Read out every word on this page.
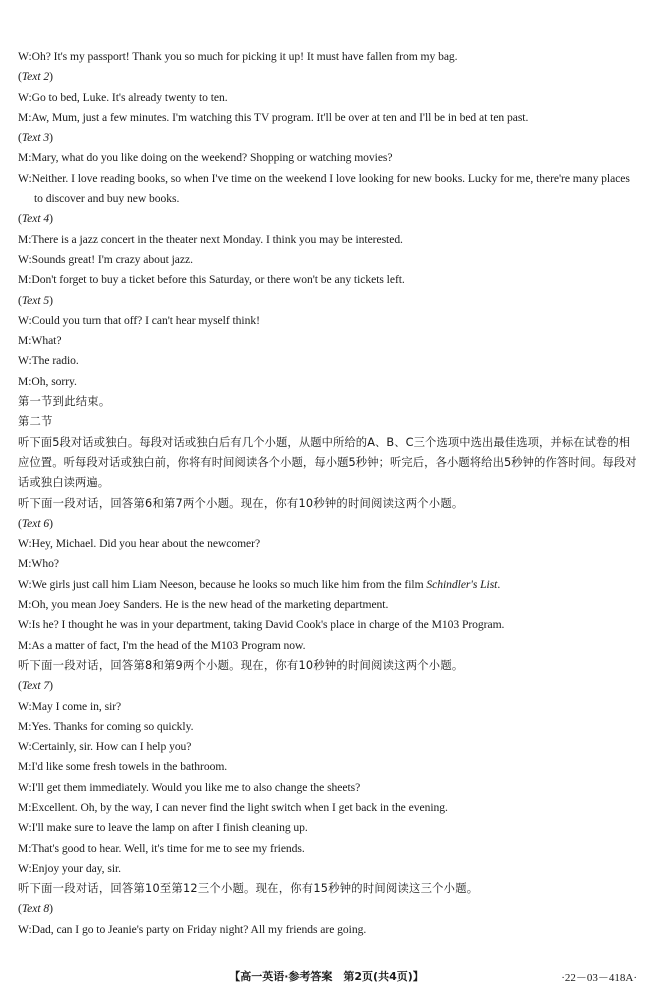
W:Oh? It's my passport! Thank you so much for picking it up! It must have fallen from my bag.
(Text 2)
W:Go to bed, Luke. It's already twenty to ten.
M:Aw, Mum, just a few minutes. I'm watching this TV program. It'll be over at ten and I'll be in bed at ten past.
(Text 3)
M:Mary, what do you like doing on the weekend? Shopping or watching movies?
W:Neither. I love reading books, so when I've time on the weekend I love looking for new books. Lucky for me, there're many places to discover and buy new books.
(Text 4)
M:There is a jazz concert in the theater next Monday. I think you may be interested.
W:Sounds great! I'm crazy about jazz.
M:Don't forget to buy a ticket before this Saturday, or there won't be any tickets left.
(Text 5)
W:Could you turn that off? I can't hear myself think!
M:What?
W:The radio.
M:Oh, sorry.
第一节到此结束。
第二节
听下面5段对话或独白。每段对话或独白后有几个小题，从题中所给的A、B、C三个选项中选出最佳选项，并标在试卷的相应位置。听每段对话或独白前，你将有时间阅读各个小题，每小题5秒钟；听完后，各小题将给出5秒钟的作答时间。每段对话或独白读两遍。
听下面一段对话，回答第6和第7两个小题。现在，你有10秒钟的时间阅读这两个小题。
(Text 6)
W:Hey, Michael. Did you hear about the newcomer?
M:Who?
W:We girls just call him Liam Neeson, because he looks so much like him from the film Schindler's List.
M:Oh, you mean Joey Sanders. He is the new head of the marketing department.
W:Is he? I thought he was in your department, taking David Cook's place in charge of the M103 Program.
M:As a matter of fact, I'm the head of the M103 Program now.
听下面一段对话，回答第8和第9两个小题。现在，你有10秒钟的时间阅读这两个小题。
(Text 7)
W:May I come in, sir?
M:Yes. Thanks for coming so quickly.
W:Certainly, sir. How can I help you?
M:I'd like some fresh towels in the bathroom.
W:I'll get them immediately. Would you like me to also change the sheets?
M:Excellent. Oh, by the way, I can never find the light switch when I get back in the evening.
W:I'll make sure to leave the lamp on after I finish cleaning up.
M:That's good to hear. Well, it's time for me to see my friends.
W:Enjoy your day, sir.
听下面一段对话，回答第10至第12三个小题。现在，你有15秒钟的时间阅读这三个小题。
(Text 8)
W:Dad, can I go to Jeanie's party on Friday night? All my friends are going.
【高一英语·参考答案　第2页(共4页)】	·22－03－418A·
